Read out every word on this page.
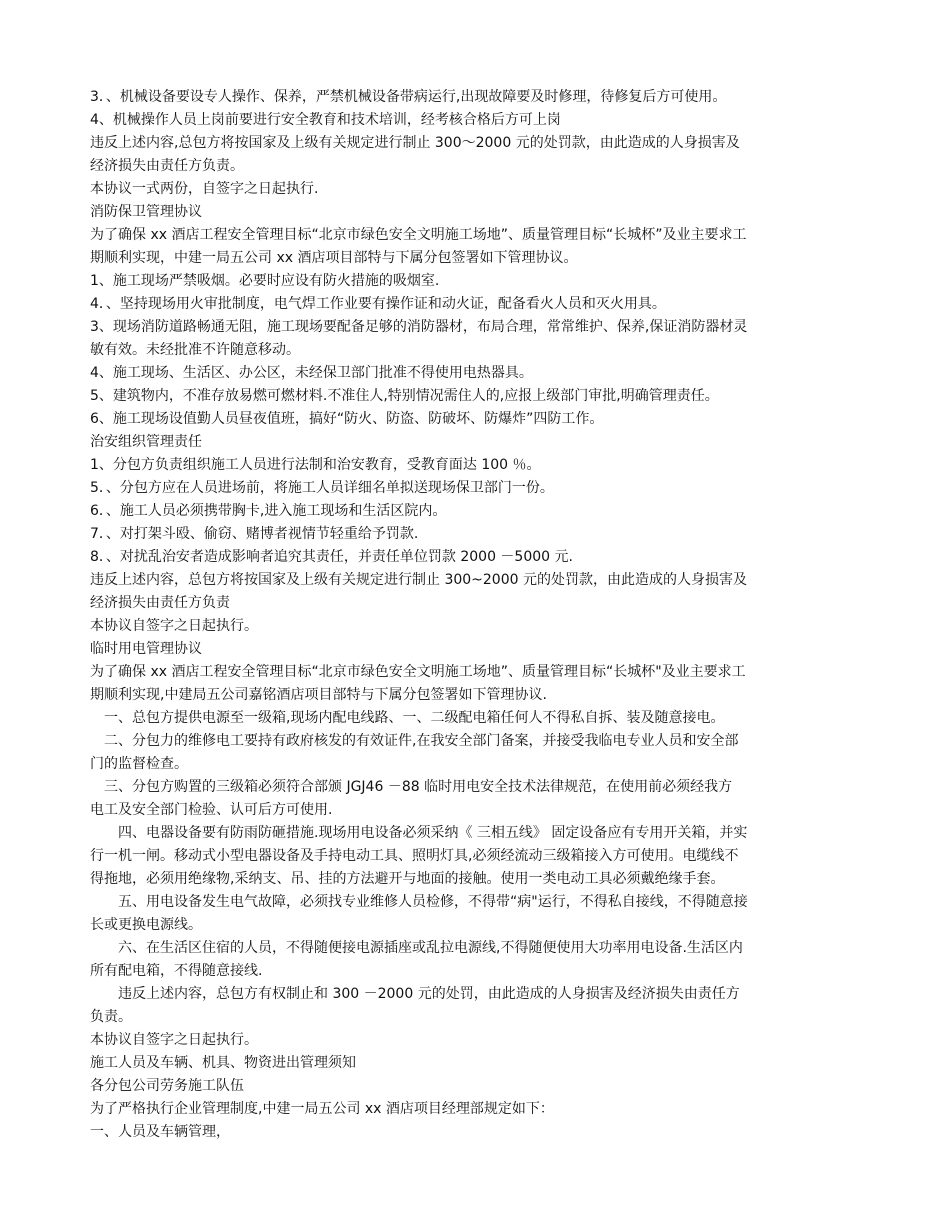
3．、机械设备要设专人操作、保养，严禁机械设备带病运行,出现故障要及时修理，待修复后方可使用。
4、机械操作人员上岗前要进行安全教育和技术培训，经考核合格后方可上岗
违反上述内容,总包方将按国家及上级有关规定进行制止 300～2000 元的处罚款，由此造成的人身损害及
经济损失由责任方负责。
本协议一式两份，自签字之日起执行.
消防保卫管理协议
为了确保 xx 酒店工程安全管理目标“北京市绿色安全文明施工场地”、质量管理目标“长城杯”及业主要求工
期顺利实现，中建一局五公司 xx 酒店项目部特与下属分包签署如下管理协议。
1、施工现场严禁吸烟。必要时应设有防火措施的吸烟室.
4．、坚持现场用火审批制度，电气焊工作业要有操作证和动火证，配备看火人员和灭火用具。
3、现场消防道路畅通无阻，施工现场要配备足够的消防器材，布局合理，常常维护、保养,保证消防器材灵
敏有效。未经批准不许随意移动。
4、施工现场、生活区、办公区，未经保卫部门批准不得使用电热器具。
5、建筑物内，不准存放易燃可燃材料.不准住人,特别情况需住人的,应报上级部门审批,明确管理责任。
6、施工现场设值勤人员昼夜值班，搞好“防火、防盗、防破坏、防爆炸”四防工作。
治安组织管理责任
1、分包方负责组织施工人员进行法制和治安教育，受教育面达 100 ％。
5．、分包方应在人员进场前，将施工人员详细名单拟送现场保卫部门一份。
6．、施工人员必须携带胸卡,进入施工现场和生活区院内。
7．、对打架斗殴、偷窃、赌博者视情节轻重给予罚款.
8．、对扰乱治安者造成影响者追究其责任，并责任单位罚款 2000 －5000 元.
违反上述内容，总包方将按国家及上级有关规定进行制止 300~2000 元的处罚款，由此造成的人身损害及
经济损失由责任方负责
本协议自签字之日起执行。
临时用电管理协议
为了确保 xx 酒店工程安全管理目标“北京市绿色安全文明施工场地”、质量管理目标“长城杯"及业主要求工
期顺利实现,中建局五公司嘉铭酒店项目部特与下属分包签署如下管理协议.
一、总包方提供电源至一级箱,现场内配电线路、一、二级配电箱任何人不得私自拆、装及随意接电。
二、分包力的维修电工要持有政府核发的有效证件,在我安全部门备案，并接受我临电专业人员和安全部
门的监督检查。
三、分包方购置的三级箱必须符合部颁 JGJ46 －88 临时用电安全技术法律规范，在使用前必须经我方
电工及安全部门检验、认可后方可使用.
四、电器设备要有防雨防砸措施.现场用电设备必须采纳《 三相五线》 固定设备应有专用开关箱，并实
行一机一闸。移动式小型电器设备及手持电动工具、照明灯具,必须经流动三级箱接入方可使用。电缆线不
得拖地，必须用绝缘物,采纳支、吊、挂的方法避开与地面的接触。使用一类电动工具必须戴绝缘手套。
五、用电设备发生电气故障，必须找专业维修人员检修，不得带“病"运行，不得私自接线，不得随意接
长或更换电源线。
六、在生活区住宿的人员，不得随便接电源插座或乱拉电源线,不得随便使用大功率用电设备.生活区内
所有配电箱，不得随意接线.
违反上述内容，总包方有权制止和 300 －2000 元的处罚，由此造成的人身损害及经济损失由责任方
负责。
本协议自签字之日起执行。
施工人员及车辆、机具、物资进出管理须知
各分包公司劳务施工队伍
为了严格执行企业管理制度,中建一局五公司 xx 酒店项目经理部规定如下：
一、人员及车辆管理，
